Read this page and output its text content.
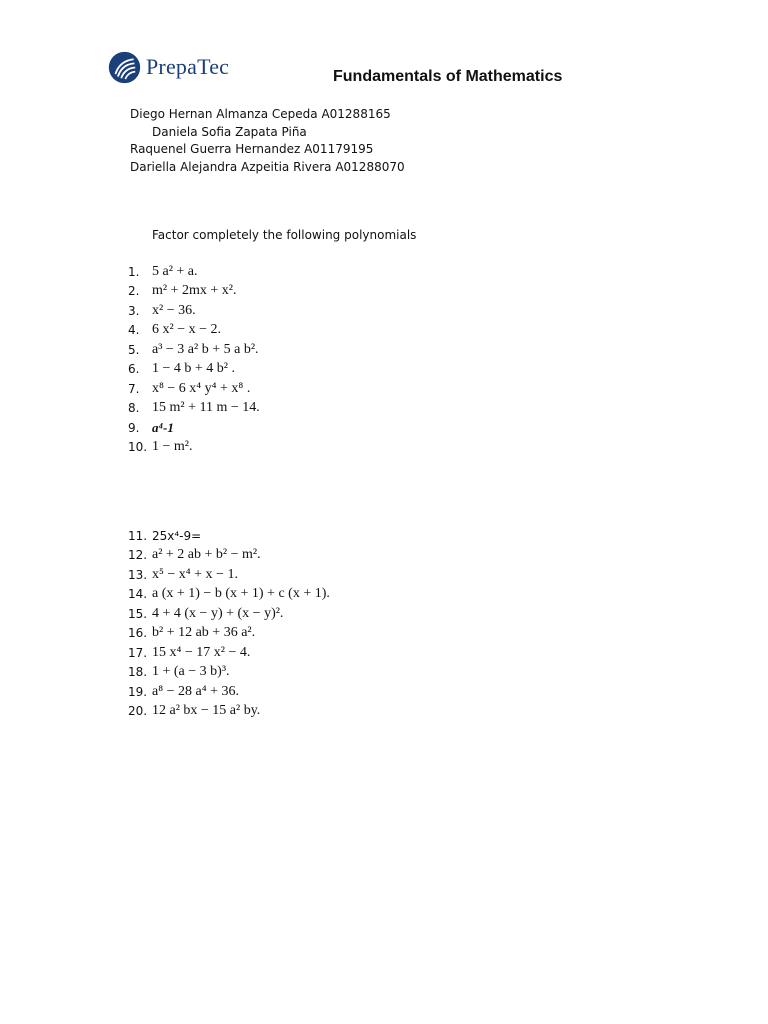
PrepaTec	Fundamentals of Mathematics
Diego Hernan Almanza Cepeda A01288165
Daniela Sofia Zapata Piña
Raquenel Guerra Hernandez A01179195
Dariella Alejandra Azpeitia Rivera A01288070
Factor completely the following polynomials
1. 5 a² + a.
2. m² + 2mx + x².
3. x² − 36.
4. 6 x² − x − 2.
5. a³ − 3 a² b + 5 a b².
6. 1 − 4 b + 4 b² .
7. x⁸ − 6 x⁴ y⁴ + x⁸ .
8. 15 m² + 11 m − 14.
9. a⁴-1
10. 1 − m².
11. 25x⁴-9=
12. a² + 2 ab + b² − m².
13. x⁵ − x⁴ + x − 1.
14. a (x + 1) − b (x + 1) + c (x + 1).
15. 4 + 4 (x − y) + (x − y)².
16. b² + 12 ab + 36 a².
17. 15 x⁴ − 17 x² − 4.
18. 1 + (a − 3 b)³.
19. a⁸ − 28 a⁴ + 36.
20. 12 a² bx − 15 a² by.
